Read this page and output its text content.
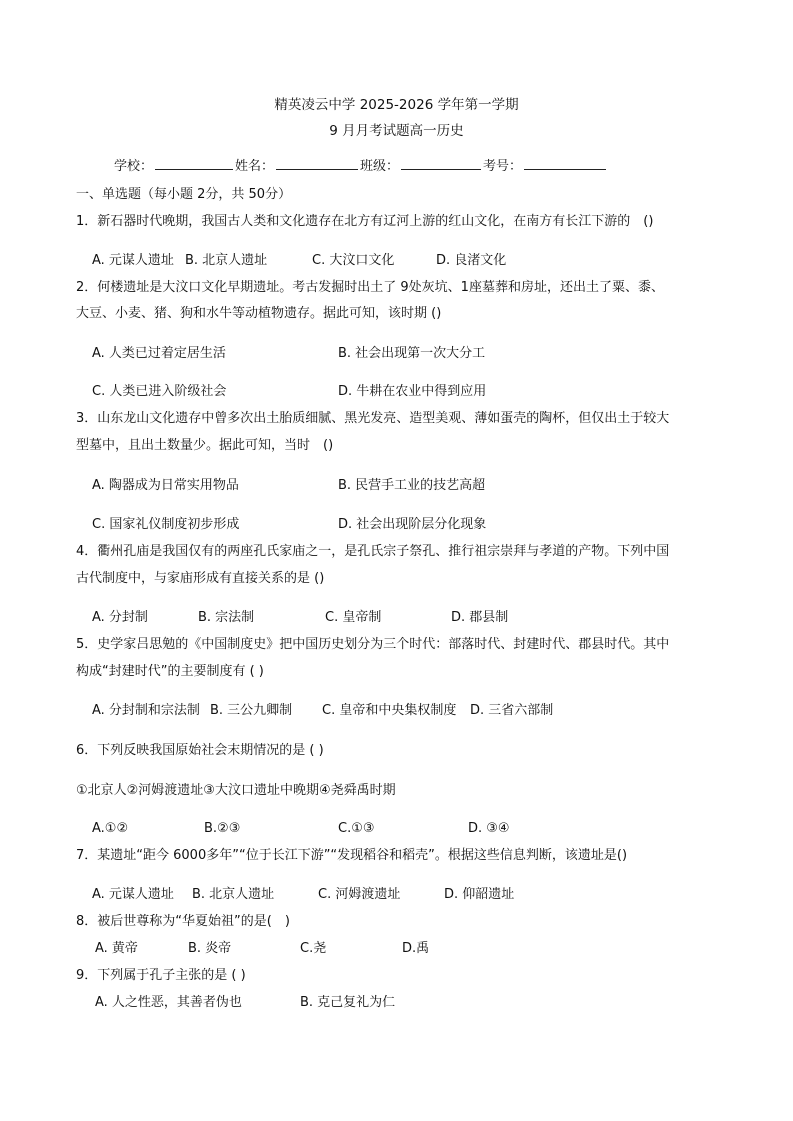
精英凌云中学 2025-2026 学年第一学期
9 月月考试题高一历史
学校：	姓名：	班级：	考号：
一、单选题（每小题 2分，共 50分）
1．新石器时代晚期，我国古人类和文化遗存在北方有辽河上游的红山文化，在南方有长江下游的　()
A. 元谋人遗址 B. 北京人遗址	C. 大汶口文化	D. 良渚文化
2．何楼遗址是大汶口文化早期遗址。考古发掘时出土了 9处灰坑、1座墓葬和房址，还出土了粟、黍、
大豆、小麦、猪、狗和水牛等动植物遗存。据此可知，该时期 ()
A. 人类已过着定居生活	B. 社会出现第一次大分工
C. 人类已进入阶级社会	D. 牛耕在农业中得到应用
3．山东龙山文化遗存中曾多次出土胎质细腻、黑光发亮、造型美观、薄如蛋壳的陶杯，但仅出土于较大
型墓中，且出土数量少。据此可知，当时　()
A. 陶器成为日常实用物品	B. 民营手工业的技艺高超
C. 国家礼仪制度初步形成	D. 社会出现阶层分化现象
4．衢州孔庙是我国仅有的两座孔氏家庙之一，是孔氏宗子祭孔、推行祖宗崇拜与孝道的产物。下列中国
古代制度中，与家庙形成有直接关系的是 ()
A. 分封制	B. 宗法制	C. 皇帝制	D. 郡县制
5．史学家吕思勉的《中国制度史》把中国历史划分为三个时代：部落时代、封建时代、郡县时代。其中
构成“封建时代”的主要制度有 ( )
A. 分封制和宗法制 B. 三公九卿制 C. 皇帝和中央集权制度 D. 三省六部制
6．下列反映我国原始社会末期情况的是 ( )
①北京人②河姆渡遗址③大汶口遗址中晚期④尧舜禹时期
A.①②	B.②③	C.①③	D. ③④
7．某遗址“距今 6000多年”“位于长江下游”“发现稻谷和稻壳”。根据这些信息判断，该遗址是()
A. 元谋人遗址 B. 北京人遗址	C. 河姆渡遗址	D. 仰韶遗址
8．被后世尊称为“华夏始祖”的是(　)
A. 黄帝	B. 炎帝	C.尧	D.禹
9．下列属于孔子主张的是 ( )
A. 人之性恶，其善者伪也	B. 克己复礼为仁
